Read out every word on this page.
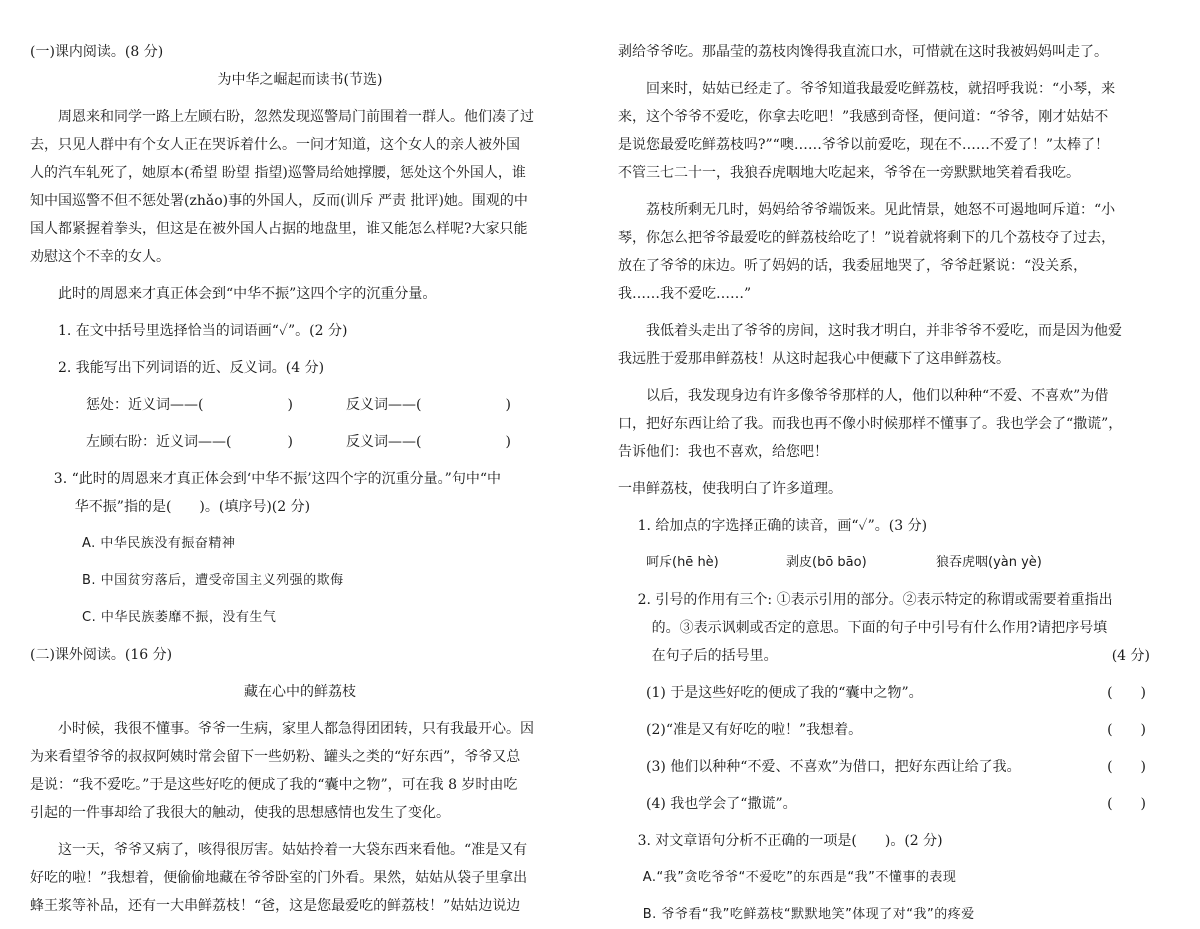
(一)课内阅读。(8 分)

为中华之崛起而读书(节选)

周恩来和同学一路上左顾右盼，忽然发现巡警局门前围着一群人。他们凑了过

去，只见人群中有个女人正在哭诉着什么。一问才知道，这个女人的亲人被外国

人的汽车轧死了，她原本(希望 盼望 指望)巡警局给她撑腰，惩处这个外国人，谁

知中国巡警不但不惩处署(zhǎo)事的外国人，反而(训斥 严责 批评)她。围观的中

国人都紧握着拳头，但这是在被外国人占据的地盘里，谁又能怎么样呢?大家只能

劝慰这个不幸的女人。

此时的周恩来才真正体会到“中华不振”这四个字的沉重分量。

1. 在文中括号里选择恰当的词语画“✓”。(2 分)

2. 我能写出下列词语的近、反义词。(4 分)

惩处：近义词——(	)	反义词——(	)
左顾右盼：近义词——(	)	反义词——(	)

3. “此时的周恩来才真正体会到‘中华不振’这四个字的沉重分量。”句中“中

华不振”指的是(　　)。(填序号)(2 分)

A. 中华民族没有振奋精神

B. 中国贫穷落后，遭受帝国主义列强的欺侮

C. 中华民族萎靡不振，没有生气

(二)课外阅读。(16 分)

藏在心中的鲜荔枝

小时候，我很不懂事。爷爷一生病，家里人都急得团团转，只有我最开心。因

为来看望爷爷的叔叔阿姨时常会留下一些奶粉、罐头之类的“好东西”，爷爷又总

是说：“我不爱吃。”于是这些好吃的便成了我的“囊中之物”，可在我 8 岁时由吃

引起的一件事却给了我很大的触动，使我的思想感情也发生了变化。

这一天，爷爷又病了，咳得很厉害。姑姑拎着一大袋东西来看他。“准是又有

好吃的啦！”我想着，便偷偷地藏在爷爷卧室的门外看。果然，姑姑从袋子里拿出

蜂王浆等补品，还有一大串鲜荔枝！“爸，这是您最爱吃的鲜荔枝！”姑姑边说边

剥给爷爷吃。那晶莹的荔枝肉馋得我直流口水，可惜就在这时我被妈妈叫走了。

回来时，姑姑已经走了。爷爷知道我最爱吃鲜荔枝，就招呼我说：“小琴，来

来，这个爷爷不爱吃，你拿去吃吧！”我感到奇怪，便问道：“爷爷，刚才姑姑不

是说您最爱吃鲜荔枝吗?”“噢……爷爷以前爱吃，现在不……不爱了！”太棒了！

不管三七二十一，我狼吞虎咽地大吃起来，爷爷在一旁默默地笑着看我吃。

荔枝所剩无几时，妈妈给爷爷端饭来。见此情景，她怒不可遏地呵斥道：“小

琴，你怎么把爷爷最爱吃的鲜荔枝给吃了！”说着就将剩下的几个荔枝夺了过去，

放在了爷爷的床边。听了妈妈的话，我委屈地哭了，爷爷赶紧说：“没关系，

我……我不爱吃……”

我低着头走出了爷爷的房间，这时我才明白，并非爷爷不爱吃，而是因为他爱

我远胜于爱那串鲜荔枝！从这时起我心中便藏下了这串鲜荔枝。

以后，我发现身边有许多像爷爷那样的人，他们以种种“不爱、不喜欢”为借

口，把好东西让给了我。而我也再不像小时候那样不懂事了。我也学会了“撒谎”，

告诉他们：我也不喜欢，给您吧！

一串鲜荔枝，使我明白了许多道理。

1. 给加点的字选择正确的读音，画“✓”。(3 分)

呵斥(hē hè)	剥皮(bō bāo)	狼吞虎咽(yàn yè)

2. 引号的作用有三个: ①表示引用的部分。②表示特定的称谓或需要着重指出

的。③表示讽刺或否定的意思。下面的句子中引号有什么作用?请把序号填

在句子后的括号里。	(4 分)
(1) 于是这些好吃的便成了我的“囊中之物”。	(　　)
(2)“准是又有好吃的啦！”我想着。	(　　)
(3) 他们以种种“不爱、不喜欢”为借口，把好东西让给了我。	(　　)
(4) 我也学会了“撒谎”。	(　　)

3. 对文章语句分析不正确的一项是(　　)。(2 分)

A.“我”贪吃爷爷“不爱吃”的东西是“我”不懂事的表现

B. 爷爷看“我”吃鲜荔枝“默默地笑”体现了对“我”的疼爱
